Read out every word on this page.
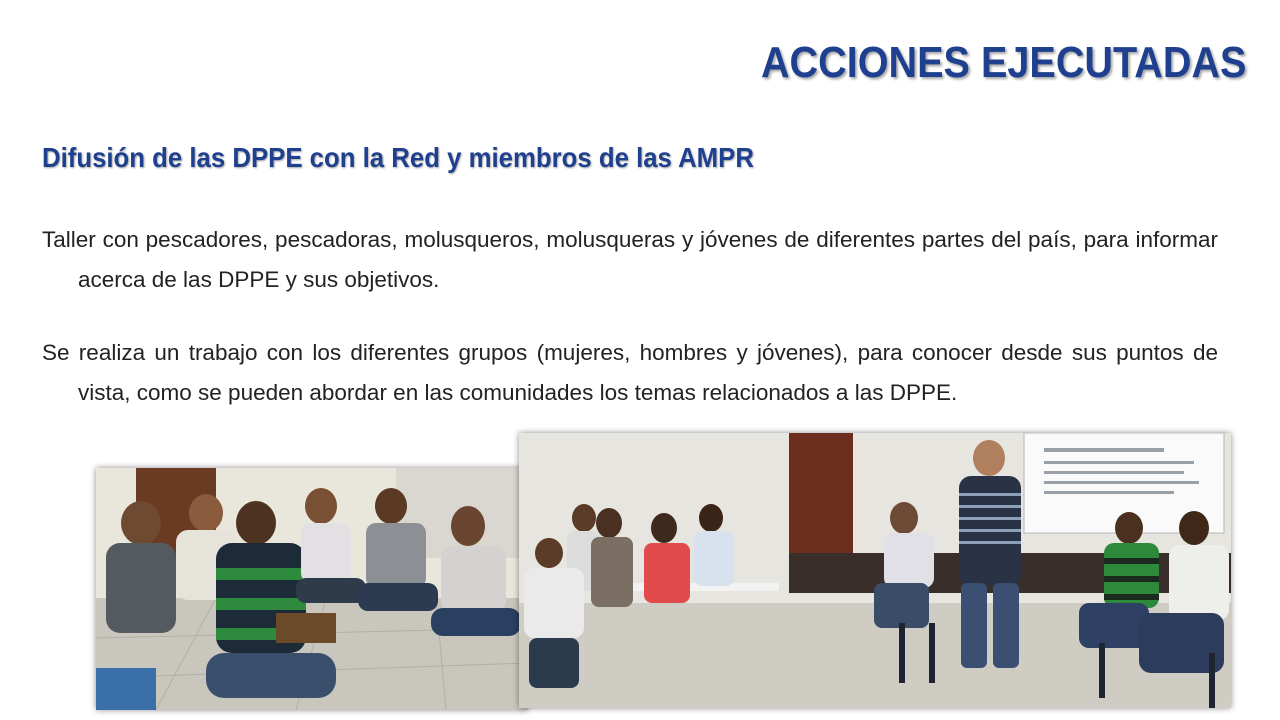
ACCIONES EJECUTADAS
Difusión de las DPPE con la Red y miembros de las AMPR

Taller con pescadores, pescadoras, molusqueros, molusqueras y jóvenes de diferentes partes del país, para informar acerca de las DPPE y sus objetivos.

Se realiza un trabajo con los diferentes grupos (mujeres, hombres y jóvenes), para conocer desde sus puntos de vista, como se pueden abordar en las comunidades los temas relacionados a las DPPE.
